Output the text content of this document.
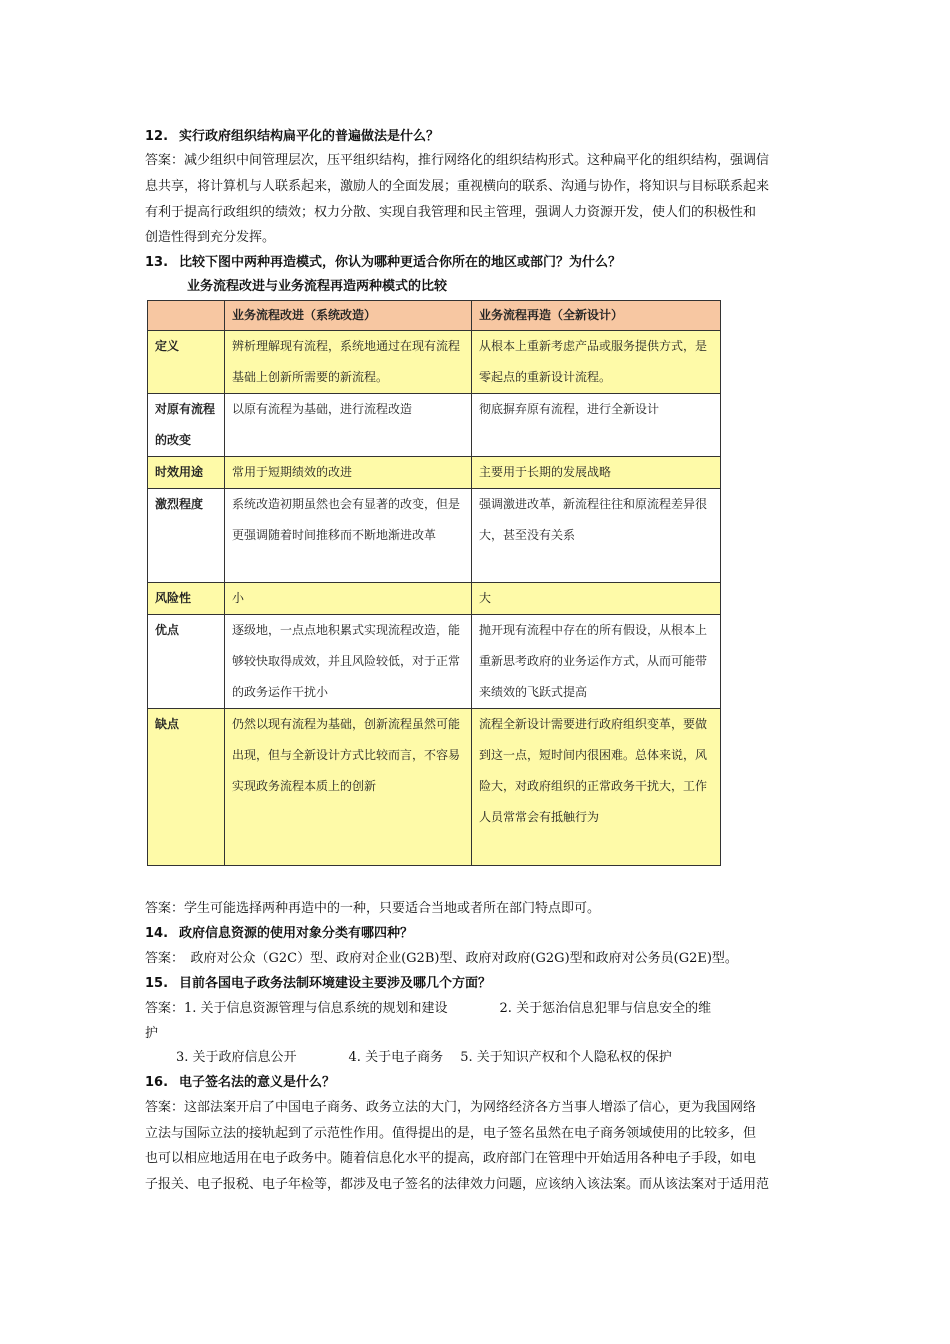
12. 实行政府组织结构扁平化的普遍做法是什么？
答案：减少组织中间管理层次，压平组织结构，推行网络化的组织结构形式。这种扁平化的组织结构，强调信
息共享，将计算机与人联系起来，激励人的全面发展；重视横向的联系、沟通与协作，将知识与目标联系起来
有利于提高行政组织的绩效；权力分散、实现自我管理和民主管理，强调人力资源开发，使人们的积极性和
创造性得到充分发挥。
13. 比较下图中两种再造模式，你认为哪种更适合你所在的地区或部门？为什么？
业务流程改进与业务流程再造两种模式的比较
	业务流程改进（系统改造）	业务流程再造（全新设计）
定义	辨析理解现有流程，系统地通过在现有流程基础上创新所需要的新流程。	从根本上重新考虑产品或服务提供方式，是零起点的重新设计流程。
对原有流程的改变	以原有流程为基础，进行流程改造	彻底摒弃原有流程，进行全新设计
时效用途	常用于短期绩效的改进	主要用于长期的发展战略
激烈程度	系统改造初期虽然也会有显著的改变，但是更强调随着时间推移而不断地渐进改革	强调激进改革，新流程往往和原流程差异很大，甚至没有关系
风险性	小	大
优点	逐级地，一点点地积累式实现流程改造，能够较快取得成效，并且风险较低，对于正常的政务运作干扰小	抛开现有流程中存在的所有假设，从根本上重新思考政府的业务运作方式，从而可能带来绩效的飞跃式提高
缺点	仍然以现有流程为基础，创新流程虽然可能出现，但与全新设计方式比较而言，不容易实现政务流程本质上的创新	流程全新设计需要进行政府组织变革，要做到这一点，短时间内很困难。总体来说，风险大，对政府组织的正常政务干扰大，工作人员常常会有抵触行为
答案：学生可能选择两种再造中的一种，只要适合当地或者所在部门特点即可。
14. 政府信息资源的使用对象分类有哪四种？
答案：　政府对公众（G2C）型、政府对企业(G2B)型、政府对政府(G2G)型和政府对公务员(G2E)型。
15. 目前各国电子政务法制环境建设主要涉及哪几个方面？
答案：1. 关于信息资源管理与信息系统的规划和建设　　　　2. 关于惩治信息犯罪与信息安全的维
护
3. 关于政府信息公开　　　　4. 关于电子商务　 5. 关于知识产权和个人隐私权的保护
16. 电子签名法的意义是什么？
答案：这部法案开启了中国电子商务、政务立法的大门，为网络经济各方当事人增添了信心，更为我国网络
立法与国际立法的接轨起到了示范性作用。值得提出的是，电子签名虽然在电子商务领域使用的比较多，但
也可以相应地适用在电子政务中。随着信息化水平的提高，政府部门在管理中开始适用各种电子手段，如电
子报关、电子报税、电子年检等，都涉及电子签名的法律效力问题，应该纳入该法案。而从该法案对于适用范
